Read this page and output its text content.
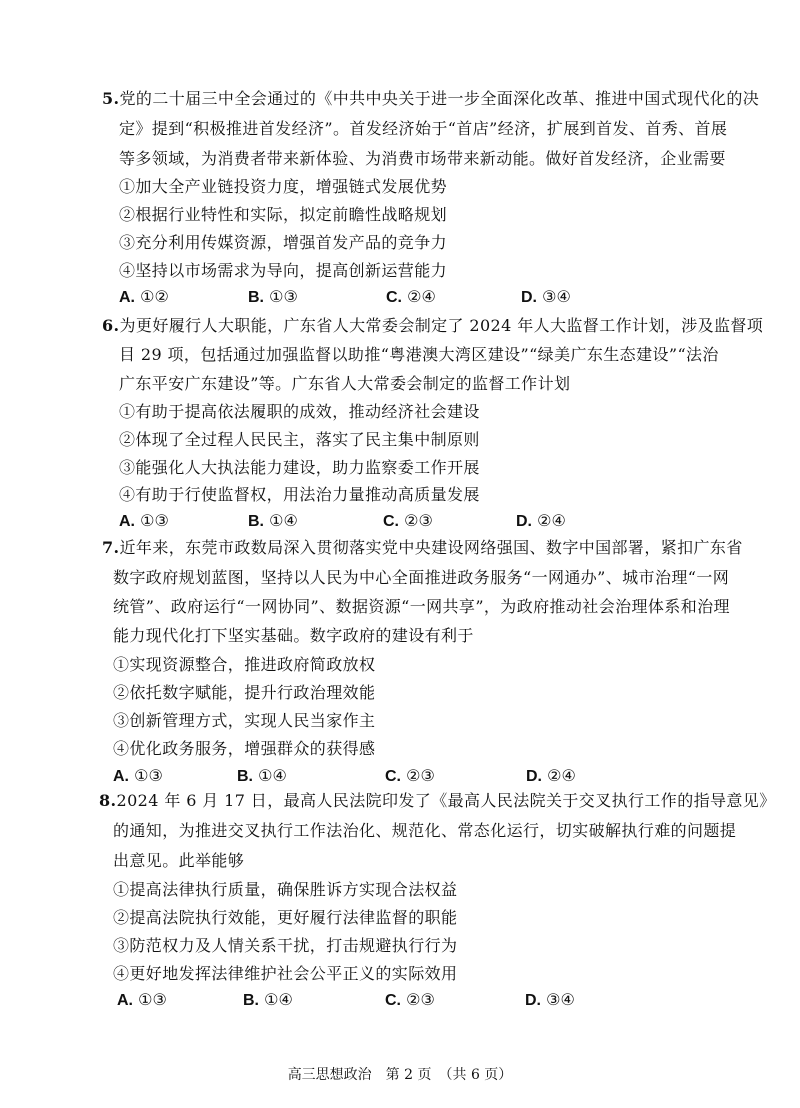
5.党的二十届三中全会通过的《中共中央关于进一步全面深化改革、推进中国式现代化的决
定》提到“积极推进首发经济”。首发经济始于“首店”经济，扩展到首发、首秀、首展
等多领域，为消费者带来新体验、为消费市场带来新动能。做好首发经济，企业需要
①加大全产业链投资力度，增强链式发展优势
②根据行业特性和实际，拟定前瞻性战略规划
③充分利用传媒资源，增强首发产品的竞争力
④坚持以市场需求为导向，提高创新运营能力
A. ①②	B. ①③	C. ②④	D. ③④
6.为更好履行人大职能，广东省人大常委会制定了 2024 年人大监督工作计划，涉及监督项
目 29 项，包括通过加强监督以助推“粤港澳大湾区建设”“绿美广东生态建设”“法治
广东平安广东建设”等。广东省人大常委会制定的监督工作计划
①有助于提高依法履职的成效，推动经济社会建设
②体现了全过程人民民主，落实了民主集中制原则
③能强化人大执法能力建设，助力监察委工作开展
④有助于行使监督权，用法治力量推动高质量发展
A. ①③	B. ①④	C. ②③	D. ②④
7.近年来，东莞市政数局深入贯彻落实党中央建设网络强国、数字中国部署，紧扣广东省
数字政府规划蓝图，坚持以人民为中心全面推进政务服务“一网通办”、城市治理“一网
统管”、政府运行“一网协同”、数据资源“一网共享”，为政府推动社会治理体系和治理
能力现代化打下坚实基础。数字政府的建设有利于
①实现资源整合，推进政府简政放权
②依托数字赋能，提升行政治理效能
③创新管理方式，实现人民当家作主
④优化政务服务，增强群众的获得感
A. ①③	B. ①④	C. ②③	D. ②④
8.2024 年 6 月 17 日，最高人民法院印发了《最高人民法院关于交叉执行工作的指导意见》
的通知，为推进交叉执行工作法治化、规范化、常态化运行，切实破解执行难的问题提
出意见。此举能够
①提高法律执行质量，确保胜诉方实现合法权益
②提高法院执行效能，更好履行法律监督的职能
③防范权力及人情关系干扰，打击规避执行行为
④更好地发挥法律维护社会公平正义的实际效用
A. ①③	B. ①④	C. ②③	D. ③④
高三思想政治　第 2 页　（共 6 页）
